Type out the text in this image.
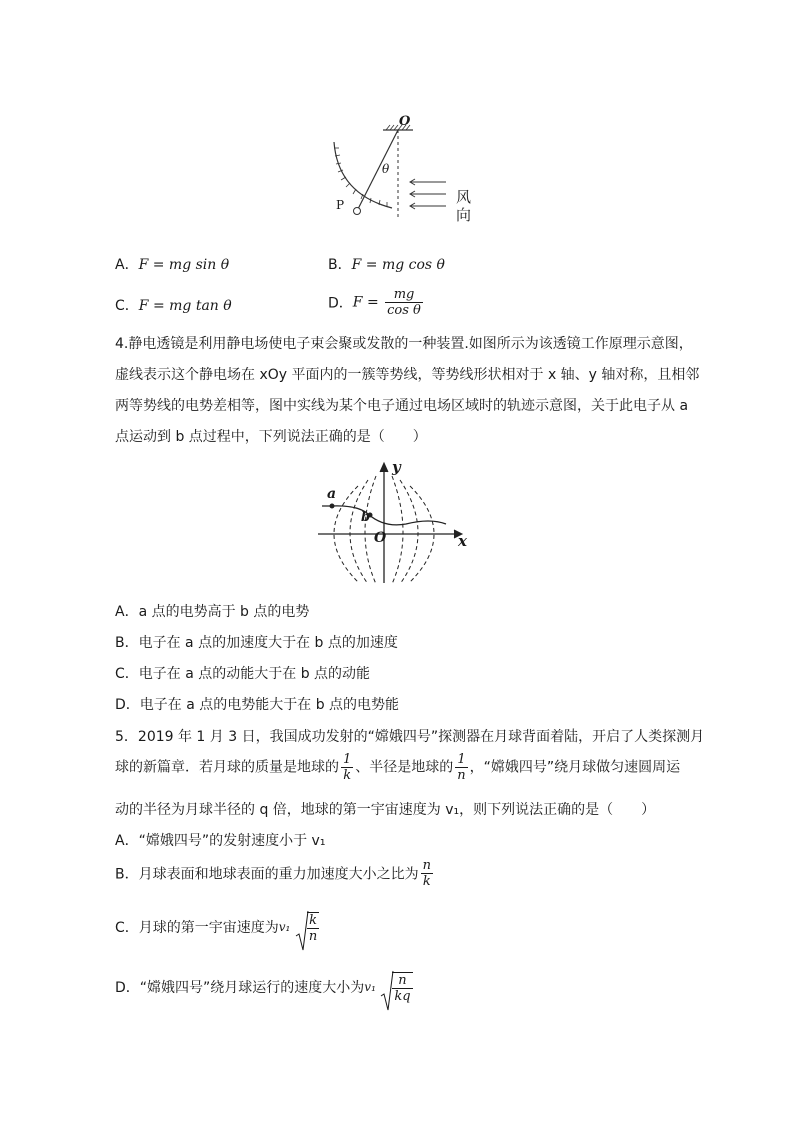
O
θ
P	风
向
A．F = mg sin θ	B．F = mg cos θ
C．F = mg tan θ	D．$F = \frac{mg}{\text{cos θ}}$
4.静电透镜是利用静电场使电子束会聚或发散的一种装置.如图所示为该透镜工作原理示意图，
虚线表示这个静电场在 xOy 平面内的一簇等势线，等势线形状相对于 x 轴、y 轴对称，且相邻
两等势线的电势差相等，图中实线为某个电子通过电场区域时的轨迹示意图，关于此电子从 a
点运动到 b 点过程中，下列说法正确的是（　　）
y
x
O
a
b
A．a 点的电势高于 b 点的电势
B．电子在 a 点的加速度大于在 b 点的加速度
C．电子在 a 点的动能大于在 b 点的动能
D．电子在 a 点的电势能大于在 b 点的电势能
5．2019 年 1 月 3 日，我国成功发射的“嫦娥四号”探测器在月球背面着陆，开启了人类探测月
球的新篇章．若月球的质量是地球的 $\frac{1}{k}$ 、半径是地球的 $\frac{1}{n}$ ，“嫦娥四号”绕月球做匀速圆周运
动的半径为月球半径的 q 倍，地球的第一宇宙速度为 v₁，则下列说法正确的是（　　）
A．“嫦娥四号”的发射速度小于 v₁
B．月球表面和地球表面的重力加速度大小之比为 $\frac{n}{k}$
C．月球的第一宇宙速度为$v_1 \frac{k}{n}$
D．“嫦娥四号”绕月球运行的速度大小为$v_1 \frac{n}{kq}$
